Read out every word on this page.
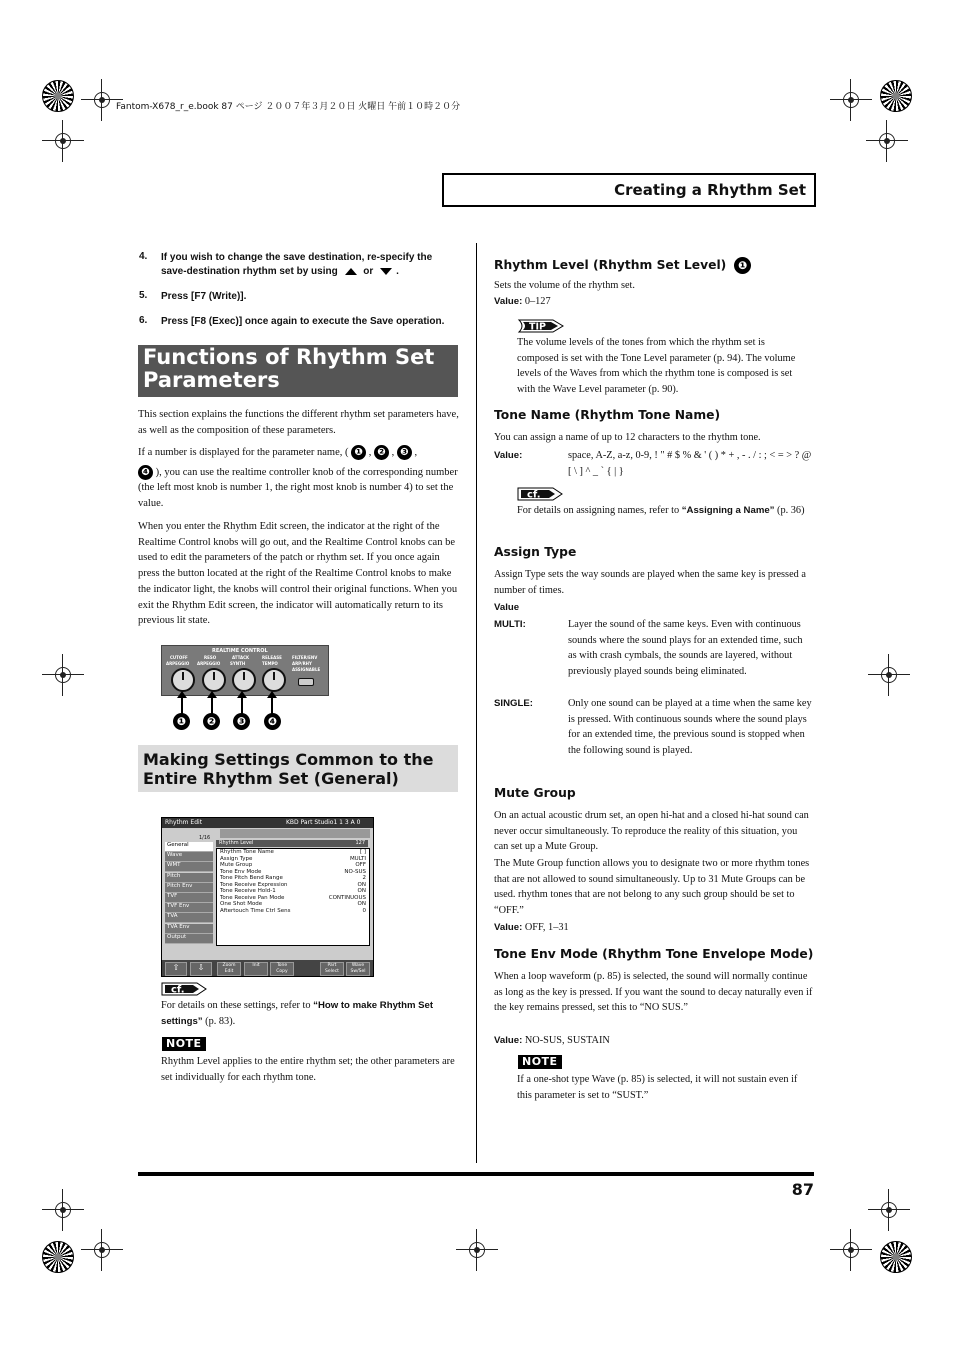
Fantom-X678_r_e.book 87 ページ ２００７年３月２０日 火曜日 午前１０時２０分
Creating a Rhythm Set
4. If you wish to change the save destination, re-specify the
save-destination rhythm set by using	or .
5. Press [F7 (Write)].
6. Press [F8 (Exec)] once again to execute the Save operation.
Functions of Rhythm Set Parameters
This section explains the functions the different rhythm set parameters have, as well as the composition of these parameters.
If a number is displayed for the parameter name, ( ❶ , ❷ , ❸ ,
❹ ), you can use the realtime controller knob of the corresponding number (the left most knob is number 1, the right most knob is number 4) to set the value.
When you enter the Rhythm Edit screen, the indicator at the right of the Realtime Control knobs will go out, and the Realtime Control knobs can be used to edit the parameters of the patch or rhythm set. If you once again press the button located at the right of the Realtime Control knobs to make the indicator light, the knobs will control their original functions. When you exit the Rhythm Edit screen, the indicator will automatically return to its previous lit state.
REALTIME CONTROL
CUTOFF	RESO	ATTACK	RELEASE
ARPEGGIO ARPEGGIO SYNTH	TEMPO
FILTER/ENV
ARP/RHY
ASSIGNABLE
❶	❷	❸	❹
Making Settings Common to the Entire Rhythm Set (General)
Rhythm Edit	KBD Part Studio1 1 3 A 0
1/16
General
Wave
WMT
Pitch
Pitch Env
TVF
TVF Env
TVA
TVA Env
Output
Rhythm Level	127
Rhythm Tone Name	[ ]
Assign Type	MULTI
Mute Group	OFF
Tone Env Mode	NO-SUS
Tone Pitch Bend Range	2
Tone Receive Expression	ON
Tone Receive Hold-1	ON
Tone Receive Pan Mode	CONTINUOUS
One Shot Mode	ON
Aftertouch Time Ctrl Sens	0
⇧	⇩	Zoom Edit
Init	Tone Copy
Part Select
Wave Sw/Sel
cf.
For details on these settings, refer to “How to make Rhythm Set settings” (p. 83).
NOTE
Rhythm Level applies to the entire rhythm set; the other parameters are set individually for each rhythm tone.
Rhythm Level (Rhythm Set Level) ❶
Sets the volume of the rhythm set.
Value: 0–127
TIP
The volume levels of the tones from which the rhythm set is composed is set with the Tone Level parameter (p. 94). The volume levels of the Waves from which the rhythm tone is composed is set with the Wave Level parameter (p. 90).
Tone Name (Rhythm Tone Name)
You can assign a name of up to 12 characters to the rhythm tone.
Value:	space, A-Z, a-z, 0-9, ! " # $ % & ' ( ) * + , - . / : ; < = > ? @ [ \ ] ^ _ ` { | }
cf.
For details on assigning names, refer to “Assigning a Name” (p. 36)
Assign Type
Assign Type sets the way sounds are played when the same key is pressed a number of times.
Value
MULTI:	Layer the sound of the same keys. Even with continuous sounds where the sound plays for an extended time, such as with crash cymbals, the sounds are layered, without previously played sounds being eliminated.
SINGLE:	Only one sound can be played at a time when the same key is pressed. With continuous sounds where the sound plays for an extended time, the previous sound is stopped when the following sound is played.
Mute Group
On an actual acoustic drum set, an open hi-hat and a closed hi-hat sound can never occur simultaneously. To reproduce the reality of this situation, you can set up a Mute Group.
The Mute Group function allows you to designate two or more rhythm tones that are not allowed to sound simultaneously. Up to 31 Mute Groups can be used. rhythm tones that are not belong to any such group should be set to “OFF.”
Value: OFF, 1–31
Tone Env Mode (Rhythm Tone Envelope Mode)
When a loop waveform (p. 85) is selected, the sound will normally continue as long as the key is pressed. If you want the sound to decay naturally even if the key remains pressed, set this to “NO SUS.”
Value: NO-SUS, SUSTAIN
NOTE
If a one-shot type Wave (p. 85) is selected, it will not sustain even if this parameter is set to “SUST.”
87
